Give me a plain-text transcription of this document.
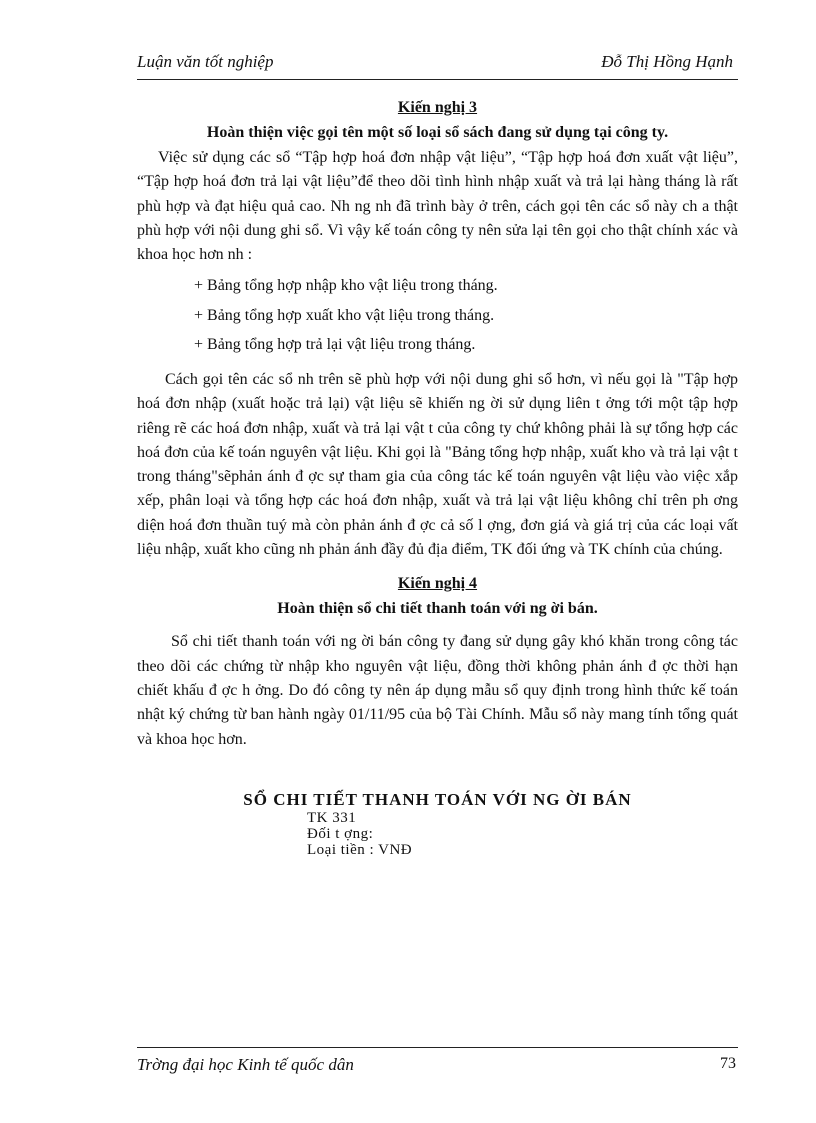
Luận văn tốt nghiệp	Đỗ Thị Hồng Hạnh

Kiến nghị 3

Hoàn thiện việc gọi tên một số loại sổ sách đang sử dụng tại công ty.

Việc sử dụng các sổ “Tập hợp hoá đơn nhập vật liệu”, “Tập hợp hoá đơn xuất vật liệu”, “Tập hợp hoá đơn trả lại vật liệu”để theo dõi tình hình nhập xuất và trả lại hàng tháng là rất phù hợp và đạt hiệu quả cao. Nh ng nh đã trình bày ở trên, cách gọi tên các sổ này ch a thật phù hợp với nội dung ghi sổ. Vì vậy kế toán công ty nên sửa lại tên gọi cho thật chính xác và khoa học hơn nh :

+ Bảng tổng hợp nhập kho vật liệu trong tháng.
+ Bảng tổng hợp xuất kho vật liệu trong tháng.
+ Bảng tổng hợp trả lại vật liệu trong tháng.

Cách gọi tên các sổ nh trên sẽ phù hợp với nội dung ghi sổ hơn, vì nếu gọi là "Tập hợp hoá đơn nhập (xuất hoặc trả lại) vật liệu sẽ khiến ng ời sử dụng liên t ởng tới một tập hợp riêng rẽ các hoá đơn nhập, xuất và trả lại vật t của công ty chứ không phải là sự tổng hợp các hoá đơn của kế toán nguyên vật liệu. Khi gọi là "Bảng tổng hợp nhập, xuất kho và trả lại vật t trong tháng"sẽphản ánh đ ợc sự tham gia của công tác kế toán nguyên vật liệu vào việc xắp xếp, phân loại và tổng hợp các hoá đơn nhập, xuất và trả lại vật liệu không chỉ trên ph ơng diện hoá đơn thuần tuý mà còn phản ánh đ ợc cả số l ợng, đơn giá và giá trị của các loại vất liệu nhập, xuất kho cũng nh phản ánh đầy đủ địa điểm, TK đối ứng và TK chính của chúng.

Kiến nghị 4

Hoàn thiện sổ chi tiết thanh toán với ng ời bán.

Sổ chi tiết thanh toán với ng ời bán công ty đang sử dụng gây khó khăn trong công tác theo dõi các chứng từ nhập kho nguyên vật liệu, đồng thời không phản ánh đ ợc thời hạn chiết khấu đ ợc h ởng. Do đó công ty nên áp dụng mẫu sổ quy định trong hình thức kế toán nhật ký chứng từ ban hành ngày 01/11/95 của bộ Tài Chính. Mẫu sổ này mang tính tổng quát và khoa học hơn.

SỔ CHI TIẾT THANH TOÁN VỚI NG ỜI BÁN
TK 331
Đối t ợng:
Loại tiền : VNĐ
Trờng đại học Kinh tế quốc dân	73
